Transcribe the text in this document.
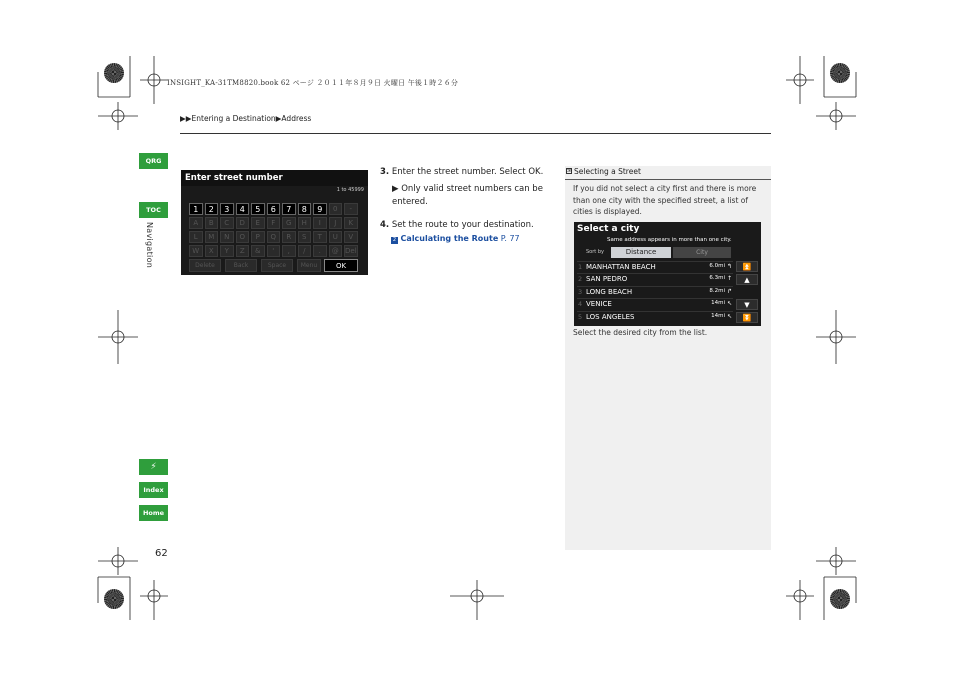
INSIGHT_KA-31TM8820.book 62 ページ ２０１１年８月９日 火曜日 午後１時２６分
▶▶Entering a Destination▶Address
QRG
TOC
Navigation
⚡
Index
Home
62
Enter street number
1 to 45999
1	2	3	4	5	6	7	8	9	0	-
A	B	C	D	E	F	G	H	I	J	K
L	M	N	O	P	Q	R	S	T	U	V
W	X	Y	Z	&	'	,	/	.	@ Del
Delete	Back	Space	Menu	OK
3. Enter the street number. Select OK.
▶ Only valid street numbers can be entered.
4. Set the route to your destination.
2 Calculating the Route P. 77
≫ Selecting a Street
If you did not select a city first and there is more than one city with the specified street, a list of cities is displayed.
Select a city
Same address appears in more than one city.
Sort by	Distance	City
1 MANHATTAN BEACH	6.0mi ↰
2 SAN PEDRO	6.3mi ↑
3 LONG BEACH	8.2mi ↱
4 VENICE	14mi ↖
5 LOS ANGELES	14mi ↖
⏫
▲
▼
⏬
Select the desired city from the list.
